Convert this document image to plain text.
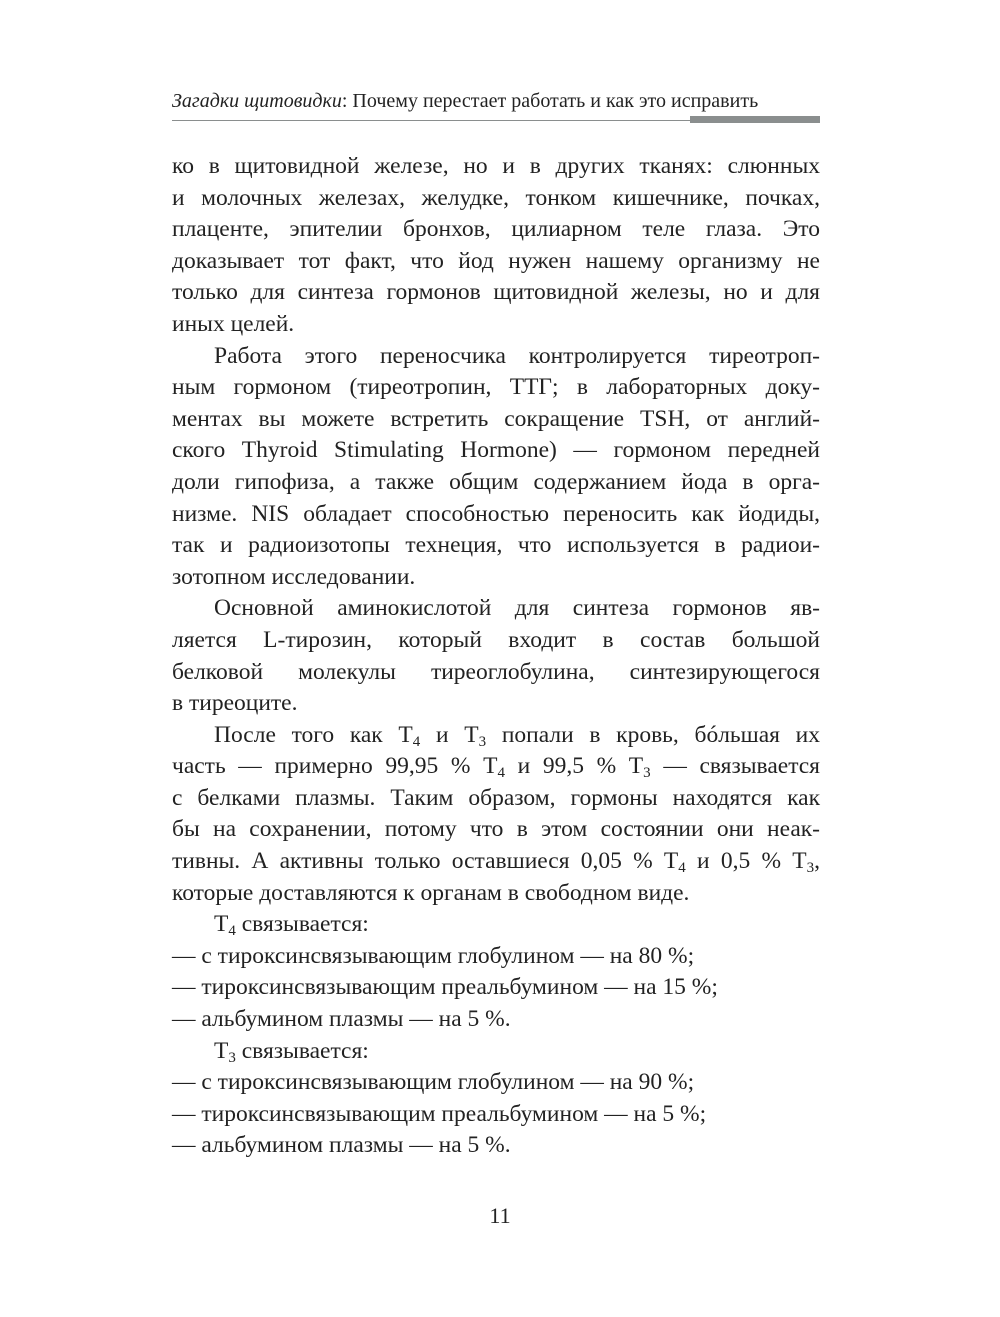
Загадки щитовидки: Почему перестает работать и как это исправить

ко в щитовидной железе, но и в других тканях: слюнных
и молочных железах, желудке, тонком кишечнике, почках,
плаценте, эпителии бронхов, цилиарном теле глаза. Это
доказывает тот факт, что йод нужен нашему организму не
только для синтеза гормонов щитовидной железы, но и для
иных целей.

Работа этого переносчика контролируется тиреотроп-
ным гормоном (тиреотропин, ТТГ; в лабораторных доку-
ментах вы можете встретить сокращение TSH, от англий-
ского Thyroid Stimulating Hormone) — гормоном передней
доли гипофиза, а также общим содержанием йода в орга-
низме. NIS обладает способностью переносить как йодиды,
так и радиоизотопы технеция, что используется в радиои-
зотопном исследовании.

Основной аминокислотой для синтеза гормонов яв-
ляется L-тирозин, который входит в состав большой
белковой молекулы тиреоглобулина, синтезирующегося
в тиреоците.

После того как $T_4$ и $T_3$ попали в кровь, бóльшая их
часть — примерно 99,95 % $T_4$ и 99,5 % $T_3$ — связывается
с белками плазмы. Таким образом, гормоны находятся как
бы на сохранении, потому что в этом состоянии они неак-
тивны. А активны только оставшиеся 0,05 % $T_4$ и 0,5 % $T_3$,
которые доставляются к органам в свободном виде.

$T_4$ связывается:
— с тироксинсвязывающим глобулином — на 80 %;
— тироксинсвязывающим преальбумином — на 15 %;
— альбумином плазмы — на 5 %.
$T_3$ связывается:
— с тироксинсвязывающим глобулином — на 90 %;
— тироксинсвязывающим преальбумином — на 5 %;
— альбумином плазмы — на 5 %.
11
